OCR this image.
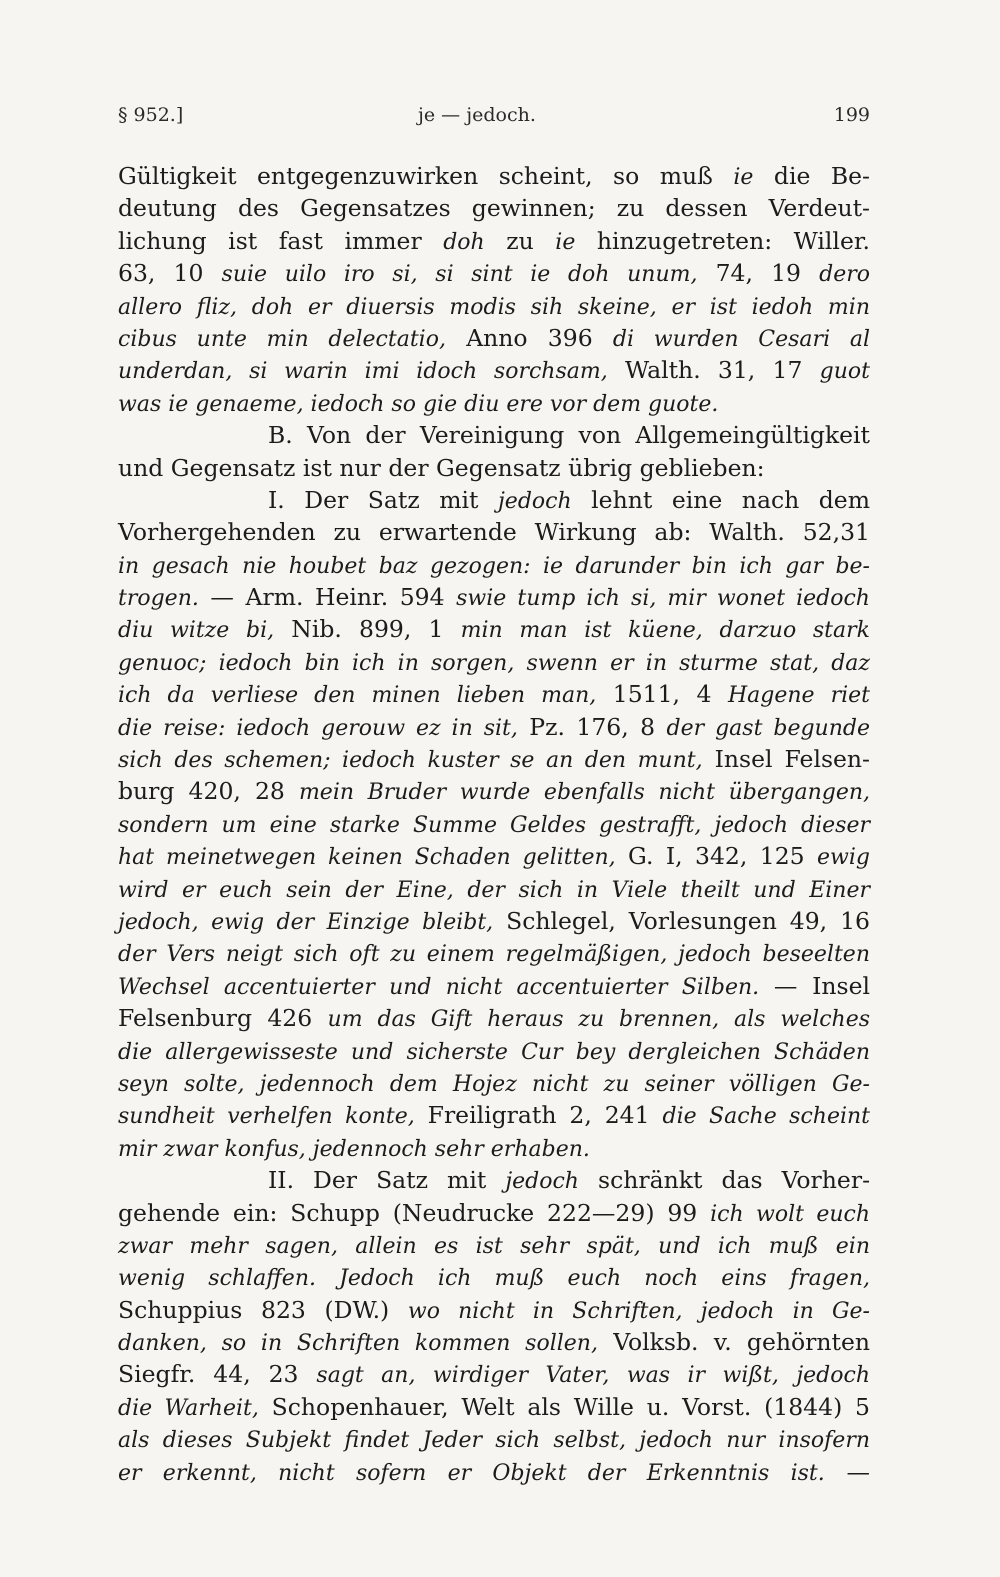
§ 952.]	je — jedoch.	199
Gültigkeit entgegenzuwirken scheint, so muß ie die Be-
deutung des Gegensatzes gewinnen; zu dessen Verdeut-
lichung ist fast immer doh zu ie hinzugetreten: Willer.
63, 10 suie uilo iro si, si sint ie doh unum, 74, 19 dero
allero fliz, doh er diuersis modis sih skeine, er ist iedoh min
cibus unte min delectatio, Anno 396 di wurden Cesari al
underdan, si warin imi idoch sorchsam, Walth. 31, 17 guot
was ie genaeme, iedoch so gie diu ere vor dem guote.
B. Von der Vereinigung von Allgemeingültigkeit
und Gegensatz ist nur der Gegensatz übrig geblieben:
I. Der Satz mit jedoch lehnt eine nach dem
Vorhergehenden zu erwartende Wirkung ab: Walth. 52,31
in gesach nie houbet baz gezogen: ie darunder bin ich gar be-
trogen. — Arm. Heinr. 594 swie tump ich si, mir wonet iedoch
diu witze bi, Nib. 899, 1 min man ist küene, darzuo stark
genuoc; iedoch bin ich in sorgen, swenn er in sturme stat, daz
ich da verliese den minen lieben man, 1511, 4 Hagene riet
die reise: iedoch gerouw ez in sit, Pz. 176, 8 der gast begunde
sich des schemen; iedoch kuster se an den munt, Insel Felsen-
burg 420, 28 mein Bruder wurde ebenfalls nicht übergangen,
sondern um eine starke Summe Geldes gestrafft, jedoch dieser
hat meinetwegen keinen Schaden gelitten, G. I, 342, 125 ewig
wird er euch sein der Eine, der sich in Viele theilt und Einer
jedoch, ewig der Einzige bleibt, Schlegel, Vorlesungen 49, 16
der Vers neigt sich oft zu einem regelmäßigen, jedoch beseelten
Wechsel accentuierter und nicht accentuierter Silben. — Insel
Felsenburg 426 um das Gift heraus zu brennen, als welches
die allergewisseste und sicherste Cur bey dergleichen Schäden
seyn solte, jedennoch dem Hojez nicht zu seiner völligen Ge-
sundheit verhelfen konte, Freiligrath 2, 241 die Sache scheint
mir zwar konfus, jedennoch sehr erhaben.
II. Der Satz mit jedoch schränkt das Vorher-
gehende ein: Schupp (Neudrucke 222—29) 99 ich wolt euch
zwar mehr sagen, allein es ist sehr spät, und ich muß ein
wenig schlaffen. Jedoch ich muß euch noch eins fragen,
Schuppius 823 (DW.) wo nicht in Schriften, jedoch in Ge-
danken, so in Schriften kommen sollen, Volksb. v. gehörnten
Siegfr. 44, 23 sagt an, wirdiger Vater, was ir wißt, jedoch
die Warheit, Schopenhauer, Welt als Wille u. Vorst. (1844) 5
als dieses Subjekt findet Jeder sich selbst, jedoch nur insofern
er erkennt, nicht sofern er Objekt der Erkenntnis ist. —
